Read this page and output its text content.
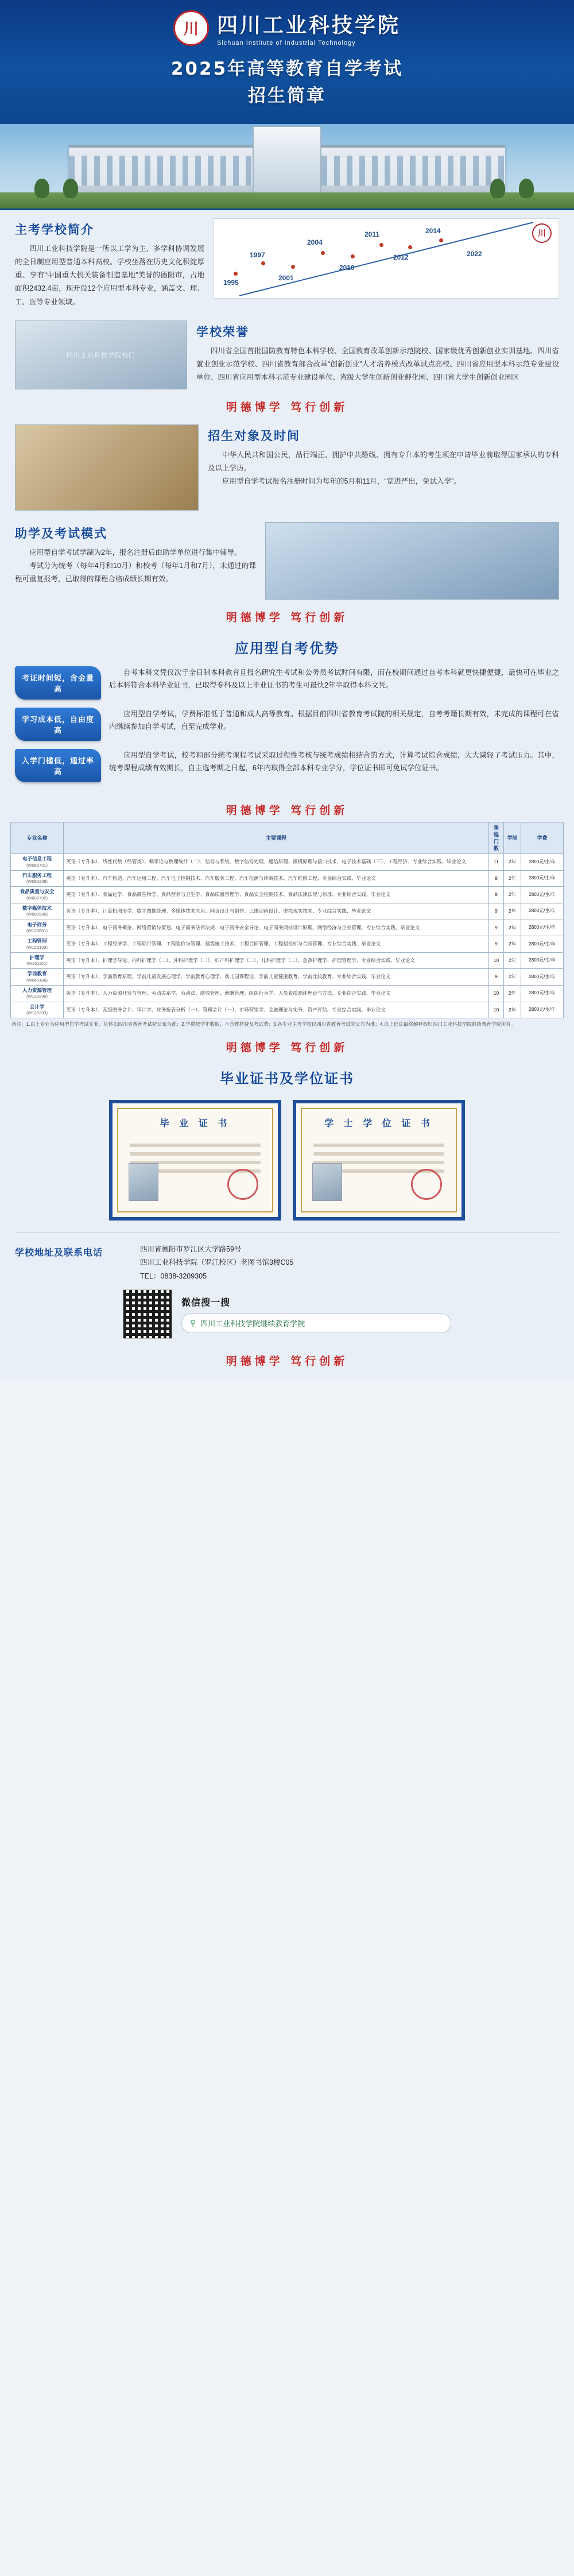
川 四川工业科技学院
Sichuan Institute of Industrial Technology
2025年高等教育自学考试
招生简章
主考学校简介
四川工业科技学院是一所以工学为主、多学科协调发展的全日制应用型普通本科高校。学校坐落在历史文化积淀厚重、享有“中国重大机关装备制造基地”美誉的德阳市，占地面积2432.4亩，现开设12个应用型本科专业，涵盖文、理、工、医等专业领域。
川
1995
1997
2001
2004
2010
2011
2012
2014
2022
四川工业科技学院校门
学校荣誉
四川省全国首批国防教育特色本科学校、全国教育改革创新示范院校、国家级优秀创新创业实训基地、四川省就业创业示范学校、四川省教育部合改革“创新创业”人才培养模式改革试点高校、四川省应用型本科示范专业建设单位、四川省应用型本科示范专业建设单位、省级大学生创新创业孵化园、四川省大学生创新创业园区
明德博学 笃行创新
招生对象及时间
中华人民共和国公民，品行端正、拥护中共路线、拥有专升本的考生须在申请毕业前取得国家承认的专科及以上学历。
应用型自学考试报名注册时间为每年的5月和11月，“宽进严出，免试入学”。
助学及考试模式
应用型自学考试学制为2年，报名注册后由助学单位进行集中辅导。
考试分为统考（每年4月和10月）和校考（每年1月和7月），未通过的课程可重复报考，已取得的课程合格成绩长期有效。
明德博学 笃行创新
应用型自考优势
考证时间短，含金量高
自考本科文凭仅次于全日制本科教育且报名研究生考试和公务员考试时间有限，而在校期间通过自考本科就更快捷便捷，最快可在毕业之后本科符合本科毕业证书，已取得专科及以上毕业证书的考生可最快2年半取得本科文凭。
学习成本低，自由度高
应用型自学考试，学费标准低于普通和成人高等教育。根据目前四川省教育考试院的相关规定，自考考籍长期有效，未完成的课程可在省内继续参加自学考试，直至完成学业。
入学门槛低，通过率高
应用型自学考试，校考和部分统考课程考试采取过程性考核与统考成绩相结合的方式，计算考试综合成绩，大大减轻了考试压力。其中，统考课程成绩有效期长，自主选考期之日起，6年内取得全部本科专业学分，学位证书即可免试学位证书。
明德博学 笃行创新
专业名称	主要课程	课程 门数	学制	学费
电子信息工程
(W080701)	英语（专升本）、线性代数（经管类）、概率论与数理统计（二）、信号与系统、数字信号处理、通信原理、微机原理与接口技术、电子技术基础（三）、工程经济、专业综合实践、毕业论文	11	2年	2800元/生/年
汽车服务工程
(W080208)	英语（专升本）、汽车构造、汽车运用工程、汽车电子控制技术、汽车服务工程、汽车检测与诊断技术、汽车维修工程、专业综合实践、毕业论文	9	2年	2800元/生/年
食品质量与安全
(W082702)	英语（专升本）、食品化学、食品微生物学、食品营养与卫生学、食品质量管理学、食品安全检测技术、食品法律法规与标准、专业综合实践、毕业论文	9	2年	2800元/生/年
数字媒体技术
(W080906)	英语（专升本）、计算机图形学、数字图像处理、多媒体技术应用、网页设计与制作、三维动画设计、虚拟现实技术、专业综合实践、毕业论文	9	2年	2800元/生/年
电子商务
(W120801)	英语（专升本）、电子商务概论、网络营销与策划、电子商务法律法规、电子商务安全导论、电子商务网站设计原理、网络经济与企业管理、专业综合实践、毕业论文	9	2年	2800元/生/年
工程管理
(W120103)	英语（专升本）、工程经济学、工程项目管理、工程造价与管理、建筑施工技术、工程合同管理、工程招投标与合同管理、专业综合实践、毕业论文	9	2年	2800元/生/年
护理学
(W101101)	英语（专升本）、护理学导论、内科护理学（二）、外科护理学（二）、妇产科护理学（二）、儿科护理学（二）、急救护理学、护理管理学、专业综合实践、毕业论文	10	2年	2800元/生/年
学前教育
(W040106)	英语（专升本）、学前教育原理、学前儿童发展心理学、学前教育心理学、幼儿园课程论、学前儿童健康教育、学前比较教育、专业综合实践、毕业论文	9	2年	2800元/生/年
人力资源管理
(W120206)	英语（专升本）、人力资源开发与管理、劳动关系学、劳动法、绩效管理、薪酬管理、组织行为学、人员素质测评理论与方法、专业综合实践、毕业论文	10	2年	2800元/生/年
会计学
(W120203)	英语（专升本）、高级财务会计、审计学、财务报表分析（一）、管理会计（一）、市场营销学、金融理论与实务、资产评估、专业综合实践、毕业论文	10	2年	2800元/生/年
备注：1.以上专业为应用型自学考试专业，具体以四川省教育考试院公布为准；2.学费按学年收取，不含教材费及考试费；3.各专业主考学校以四川省教育考试院公布为准；4.以上信息最终解释权归四川工业科技学院继续教育学院所有。
明德博学 笃行创新
毕业证书及学位证书
毕 业 证 书	学 士 学 位 证 书
学校地址及联系电话	四川省德阳市罗江区大学路59号
四川工业科技学院（罗江校区）老图书馆3楼C05
TEL：0838-3209305
微信搜一搜
⚲ 四川工业科技学院继续教育学院
明德博学 笃行创新
